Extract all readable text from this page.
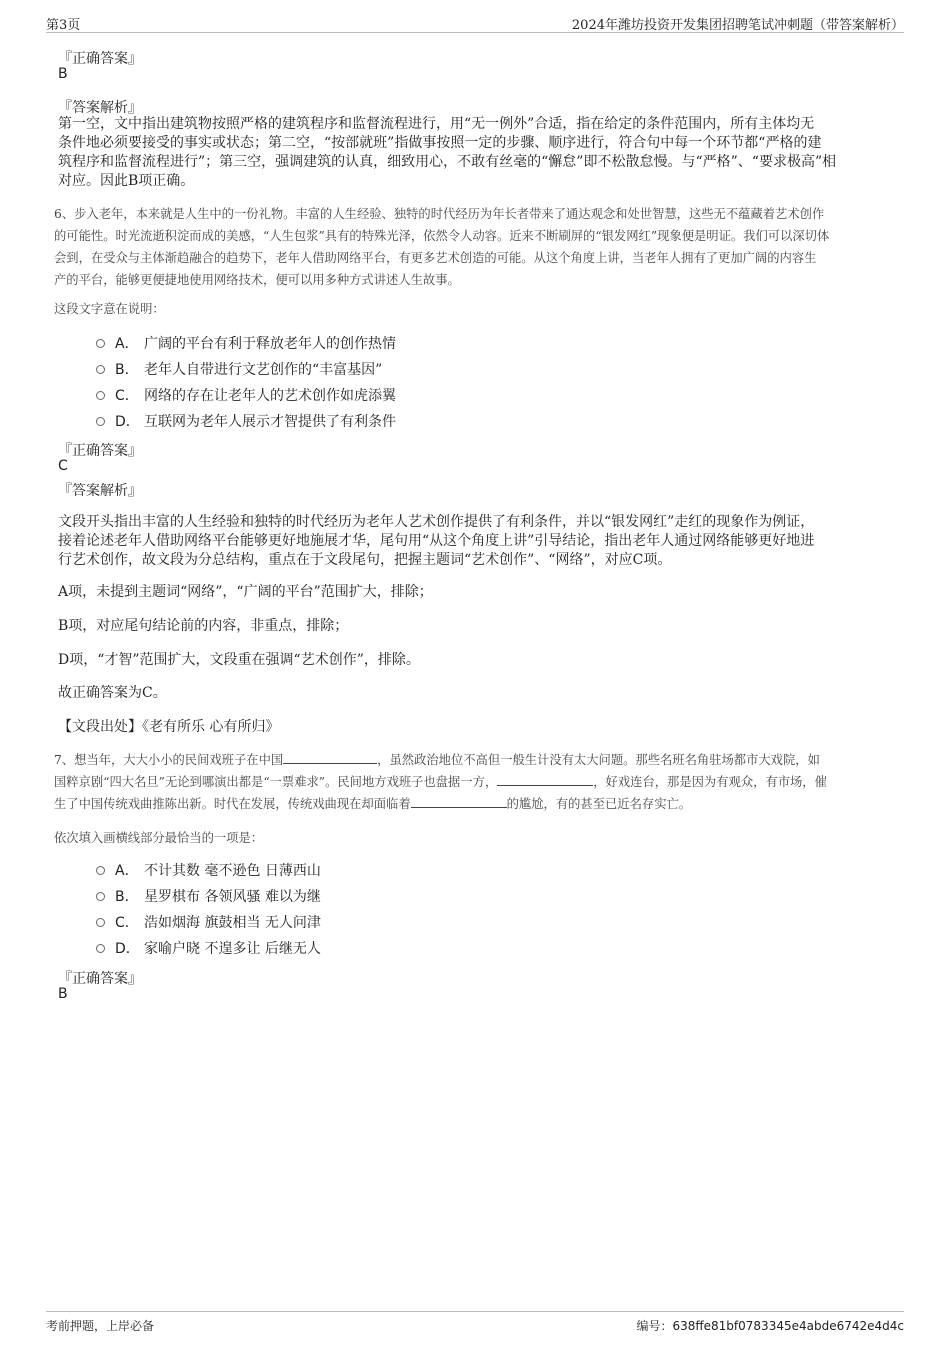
第3页	2024年潍坊投资开发集团招聘笔试冲刺题（带答案解析）
『正确答案』
B
『答案解析』
第一空，文中指出建筑物按照严格的建筑程序和监督流程进行，用“无一例外”合适，指在给定的条件范围内，所有主体均无
条件地必须要接受的事实或状态；第二空，“按部就班”指做事按照一定的步骤、顺序进行，符合句中每一个环节都“严格的建
筑程序和监督流程进行”；第三空，强调建筑的认真，细致用心，不敢有丝毫的“懈怠”即不松散怠慢。与“严格”、“要求极高”相
对应。因此B项正确。
6、步入老年，本来就是人生中的一份礼物。丰富的人生经验、独特的时代经历为年长者带来了通达观念和处世智慧，这些无不蕴藏着艺术创作
的可能性。时光流逝积淀而成的美感，“人生包浆”具有的特殊光泽，依然令人动容。近来不断刷屏的“银发网红”现象便是明证。我们可以深切体
会到，在受众与主体渐趋融合的趋势下，老年人借助网络平台，有更多艺术创造的可能。从这个角度上讲，当老年人拥有了更加广阔的内容生
产的平台，能够更便捷地使用网络技术，便可以用多种方式讲述人生故事。
这段文字意在说明：
A． 广阔的平台有利于释放老年人的创作热情
B． 老年人自带进行文艺创作的“丰富基因”
C． 网络的存在让老年人的艺术创作如虎添翼
D． 互联网为老年人展示才智提供了有利条件
『正确答案』
C
『答案解析』
文段开头指出丰富的人生经验和独特的时代经历为老年人艺术创作提供了有利条件，并以“银发网红”走红的现象作为例证，
接着论述老年人借助网络平台能够更好地施展才华，尾句用“从这个角度上讲”引导结论，指出老年人通过网络能够更好地进
行艺术创作，故文段为分总结构，重点在于文段尾句，把握主题词“艺术创作”、“网络”，对应C项。
A项，未提到主题词“网络”，“广阔的平台”范围扩大，排除；
B项，对应尾句结论前的内容，非重点，排除；
D项，“才智”范围扩大，文段重在强调“艺术创作”，排除。
故正确答案为C。
【文段出处】《老有所乐 心有所归》
7、想当年，大大小小的民间戏班子在中国	，虽然政治地位不高但一般生计没有太大问题。那些名班名角驻场都市大戏院，如
国粹京剧“四大名旦”无论到哪演出都是“一票难求”。民间地方戏班子也盘据一方，	，好戏连台，那是因为有观众，有市场，催
生了中国传统戏曲推陈出新。时代在发展，传统戏曲现在却面临着	的尴尬，有的甚至已近名存实亡。
依次填入画横线部分最恰当的一项是：
A． 不计其数 毫不逊色 日薄西山
B． 星罗棋布 各领风骚 难以为继
C． 浩如烟海 旗鼓相当 无人问津
D． 家喻户晓 不遑多让 后继无人
『正确答案』
B
考前押题，上岸必备	编号：638ffe81bf0783345e4abde6742e4d4c
